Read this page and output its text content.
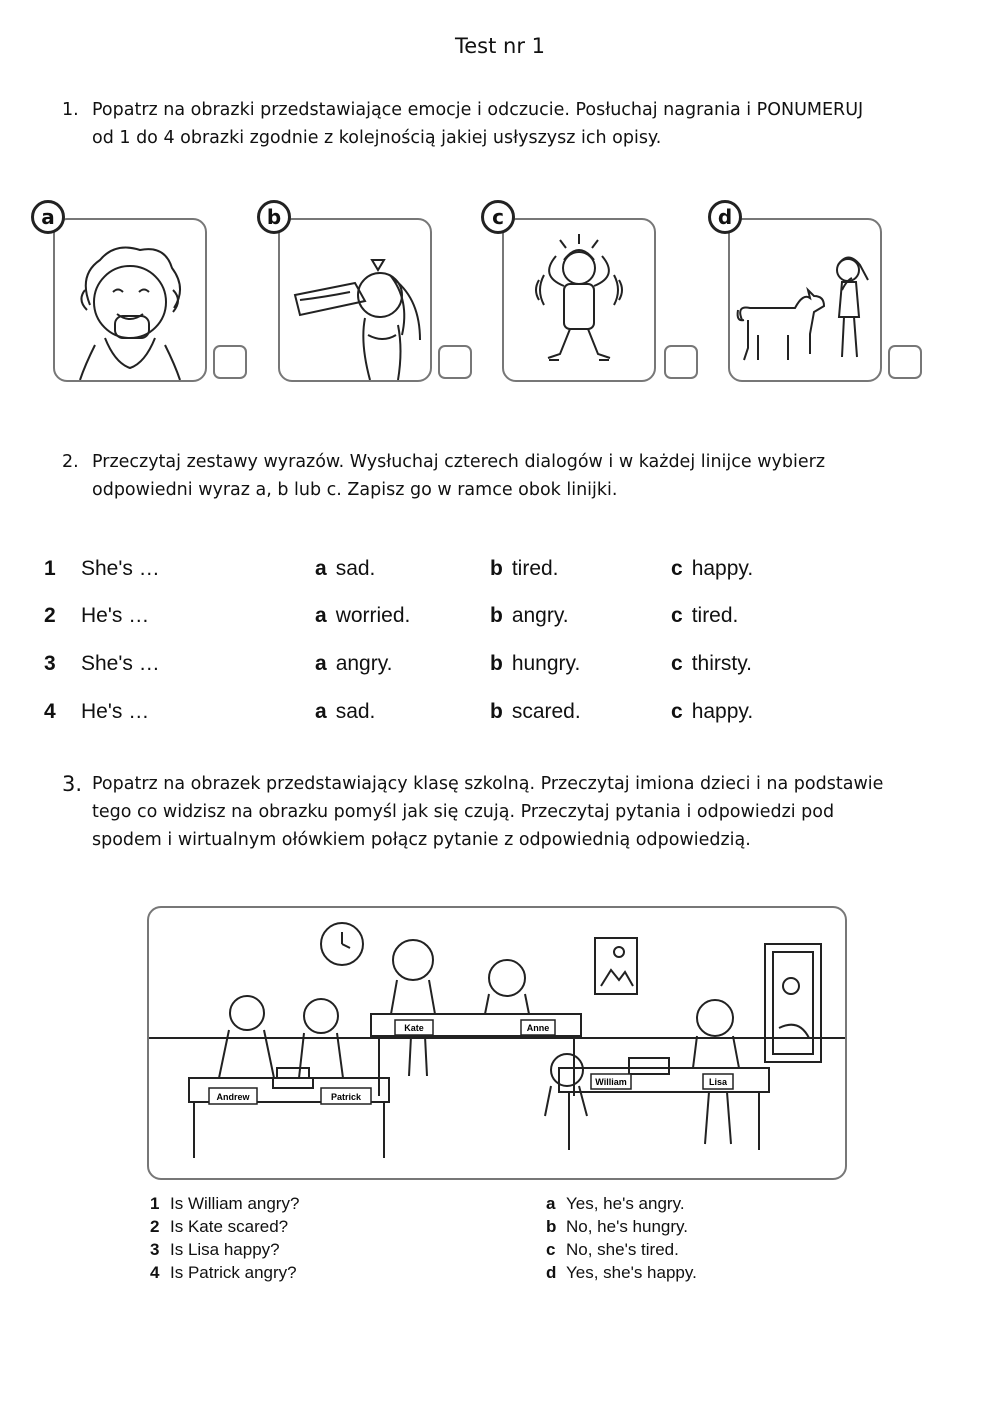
Test nr 1
1. Popatrz na obrazki przedstawiające emocje i odczucie. Posłuchaj nagrania i PONUMERUJ
od 1 do 4 obrazki zgodnie z kolejnością jakiej usłyszysz ich opisy.
a	b	c	d
2. Przeczytaj zestawy wyrazów. Wysłuchaj czterech dialogów i w każdej linijce wybierz
odpowiedni wyraz a, b lub c. Zapisz go w ramce obok linijki.
1 She's …	a sad.	b tired.	c happy.
2 He's …	a worried.	b angry.	c tired.
3 She's …	a angry.	b hungry.	c thirsty.
4 He's …	a sad.	b scared.	c happy.
3. Popatrz na obrazek przedstawiający klasę szkolną. Przeczytaj imiona dzieci i na podstawie
tego co widzisz na obrazku pomyśl jak się czują. Przeczytaj pytania i odpowiedzi pod
spodem i wirtualnym ołówkiem połącz pytanie z odpowiednią odpowiedzią.
Andrew	Patrick
Kate	Anne
William	Lisa
1 Is William angry?
2 Is Kate scared?
3 Is Lisa happy?
4 Is Patrick angry?
a Yes, he's angry.
b No, he's hungry.
c No, she's tired.
d Yes, she's happy.
